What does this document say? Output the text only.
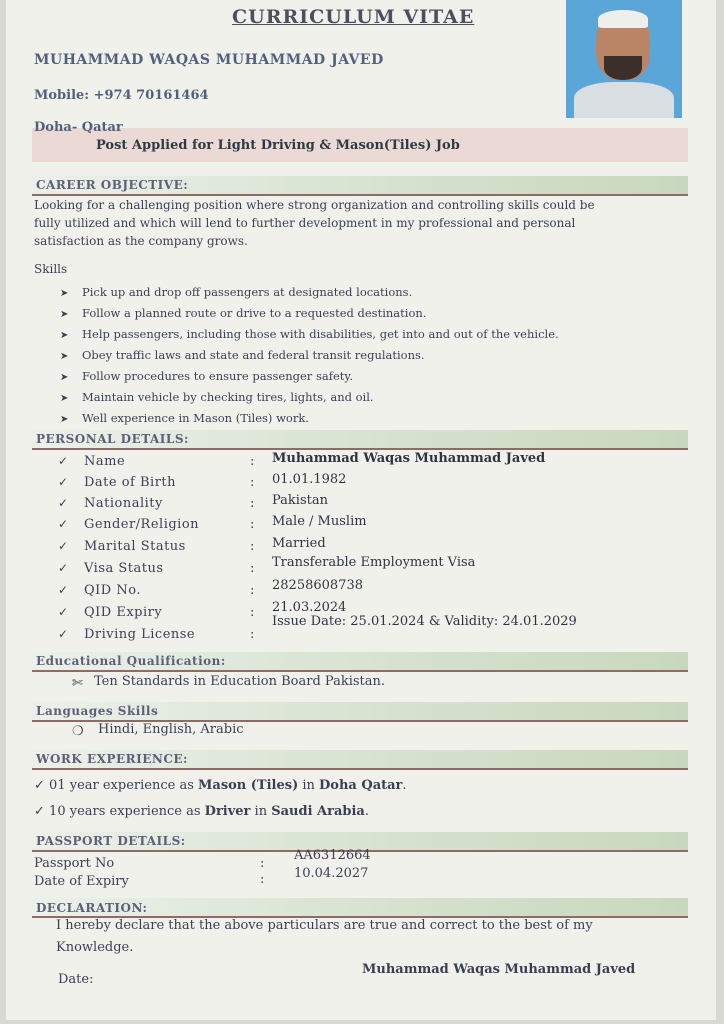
CURRICULUM VITAE
MUHAMMAD WAQAS MUHAMMAD JAVED
Mobile: +974 70161464
Doha- Qatar
Post Applied for Light Driving & Mason(Tiles) Job
CAREER OBJECTIVE:
Looking for a challenging position where strong organization and controlling skills could be
fully utilized and which will lend to further development in my professional and personal
satisfaction as the company grows.
Skills
➤ Pick up and drop off passengers at designated locations.
➤ Follow a planned route or drive to a requested destination.
➤ Help passengers, including those with disabilities, get into and out of the vehicle.
➤ Obey traffic laws and state and federal transit regulations.
➤ Follow procedures to ensure passenger safety.
➤ Maintain vehicle by checking tires, lights, and oil.
➤ Well experience in Mason (Tiles) work.
PERSONAL DETAILS:
✓ Name	: Muhammad Waqas Muhammad Javed
✓ Date of Birth	: 01.01.1982
✓ Nationality	: Pakistan
✓ Gender/Religion	: Male / Muslim
✓ Marital Status	: Married
✓ Visa Status	: Transferable Employment Visa
✓ QID No.	: 28258608738
✓ QID Expiry	: 21.03.2024
✓ Driving License	:
Issue Date: 25.01.2024 & Validity: 24.01.2029
Educational Qualification:
✄ Ten Standards in Education Board Pakistan.
Languages Skills
❍ Hindi, English, Arabic
WORK EXPERIENCE:
✓ 01 year experience as Mason (Tiles) in Doha Qatar.
✓ 10 years experience as Driver in Saudi Arabia.
PASSPORT DETAILS:
Passport No	:
AA6312664
Date of Expiry	: 10.04.2027
DECLARATION:
I hereby declare that the above particulars are true and correct to the best of my
Knowledge.
Date:
Muhammad Waqas Muhammad Javed
